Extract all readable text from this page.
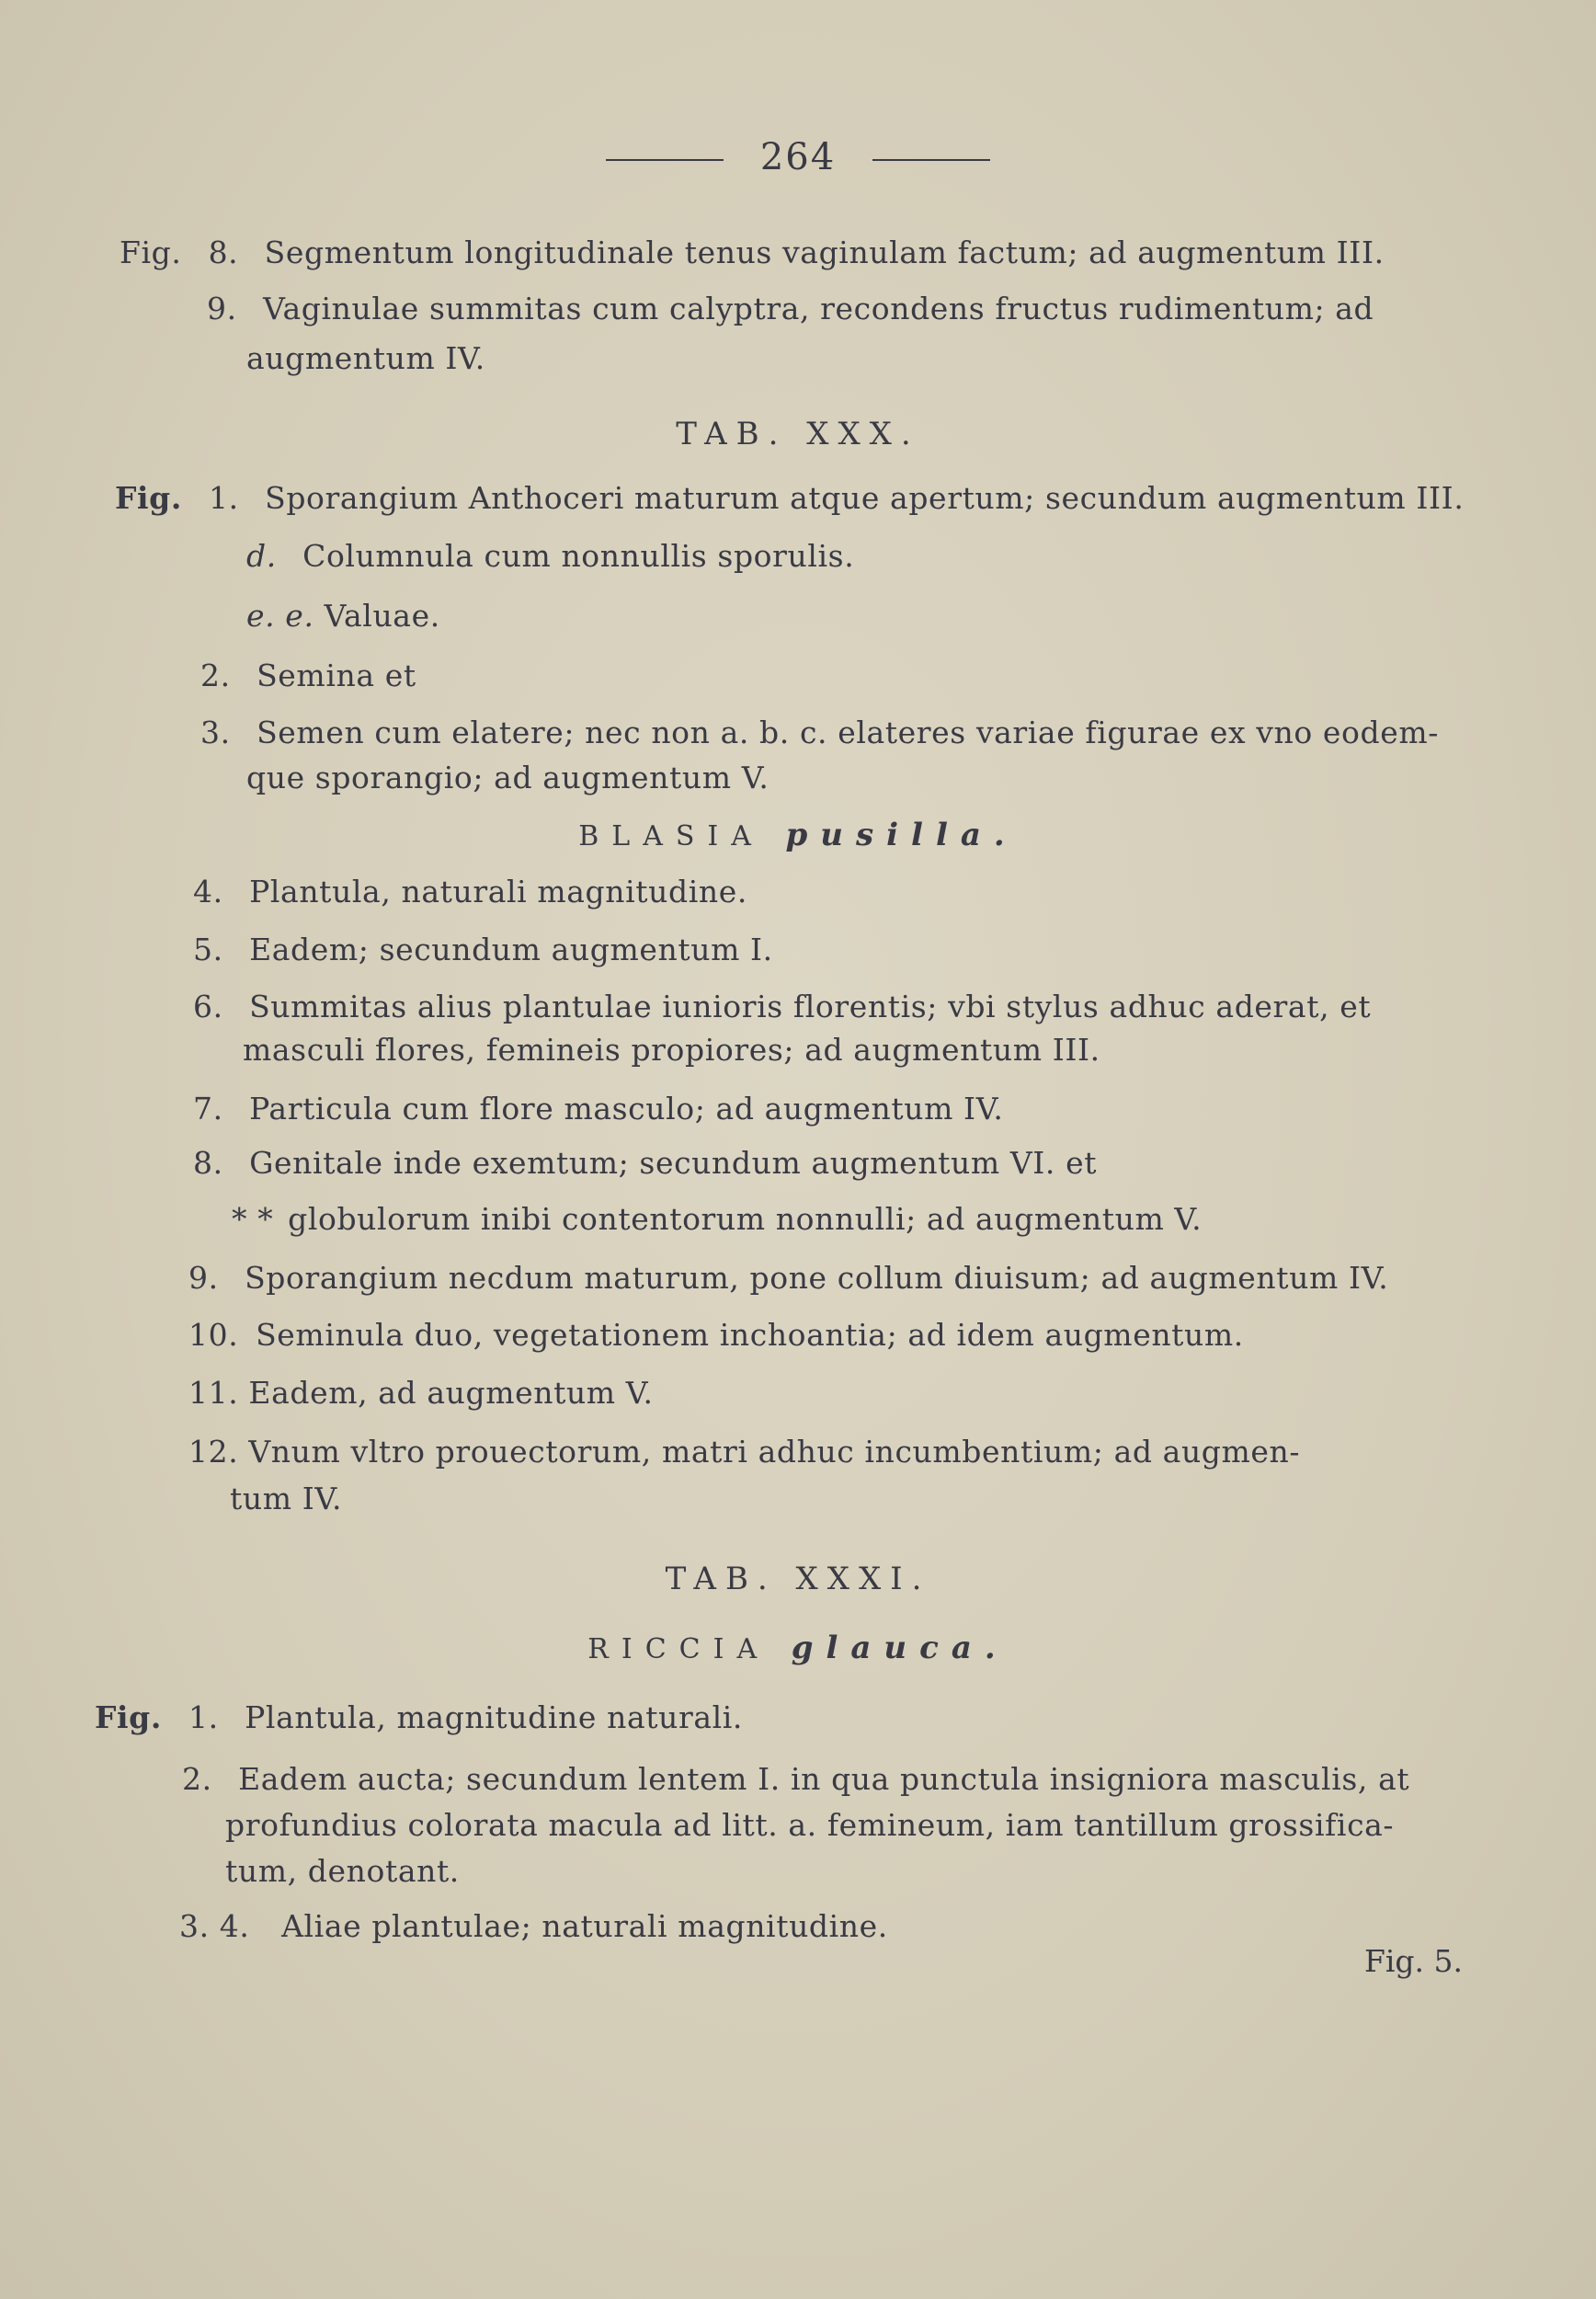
264
Fig. 8. Segmentum longitudinale tenus vaginulam factum; ad augmentum III.
9. Vaginulae summitas cum calyptra, recondens fructus rudimentum; ad
augmentum IV.
TAB. XXX.
Fig. 1. Sporangium Anthoceri maturum atque apertum; secundum augmentum III.
d. Columnula cum nonnullis sporulis.
e. e. Valuae.
2. Semina et
3. Semen cum elatere; nec non a. b. c. elateres variae figurae ex vno eodem-
que sporangio; ad augmentum V.
BLASIA pusilla.
4. Plantula, naturali magnitudine.
5. Eadem; secundum augmentum I.
6. Summitas alius plantulae iunioris florentis; vbi stylus adhuc aderat, et
masculi flores, femineis propiores; ad augmentum III.
7. Particula cum flore masculo; ad augmentum IV.
8. Genitale inde exemtum; secundum augmentum VI. et
* * globulorum inibi contentorum nonnulli; ad augmentum V.
9. Sporangium necdum maturum, pone collum diuisum; ad augmentum IV.
10. Seminula duo, vegetationem inchoantia; ad idem augmentum.
11. Eadem, ad augmentum V.
12. Vnum vltro prouectorum, matri adhuc incumbentium; ad augmen-
tum IV.
TAB. XXXI.
RICCIA glauca.
Fig. 1. Plantula, magnitudine naturali.
2. Eadem aucta; secundum lentem I. in qua punctula insigniora masculis, at
profundius colorata macula ad litt. a. femineum, iam tantillum grossifica-
tum, denotant.
3. 4. Aliae plantulae; naturali magnitudine.
Fig. 5.
